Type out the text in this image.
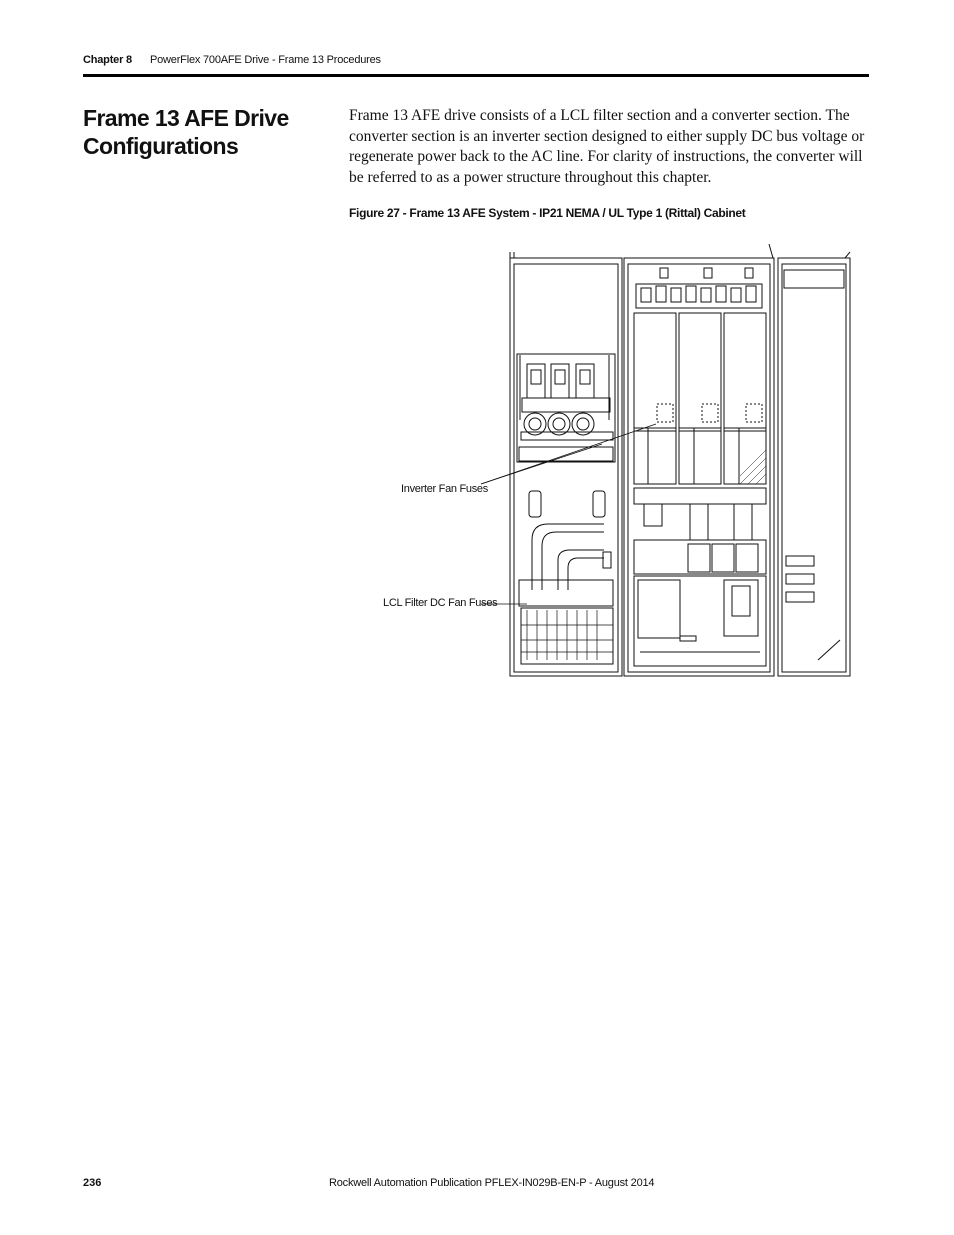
Chapter 8 PowerFlex 700AFE Drive - Frame 13 Procedures
Frame 13 AFE Drive Configurations

Frame 13 AFE drive consists of a LCL filter section and a converter section. The converter section is an inverter section designed to either supply DC bus voltage or regenerate power back to the AC line. For clarity of instructions, the converter will be referred to as a power structure throughout this chapter.

Figure 27 - Frame 13 AFE System - IP21 NEMA / UL Type 1 (Rittal) Cabinet
Inverter Fan Fuses
LCL Filter DC Fan Fuses
236	Rockwell Automation Publication PFLEX-IN029B-EN-P - August 2014
